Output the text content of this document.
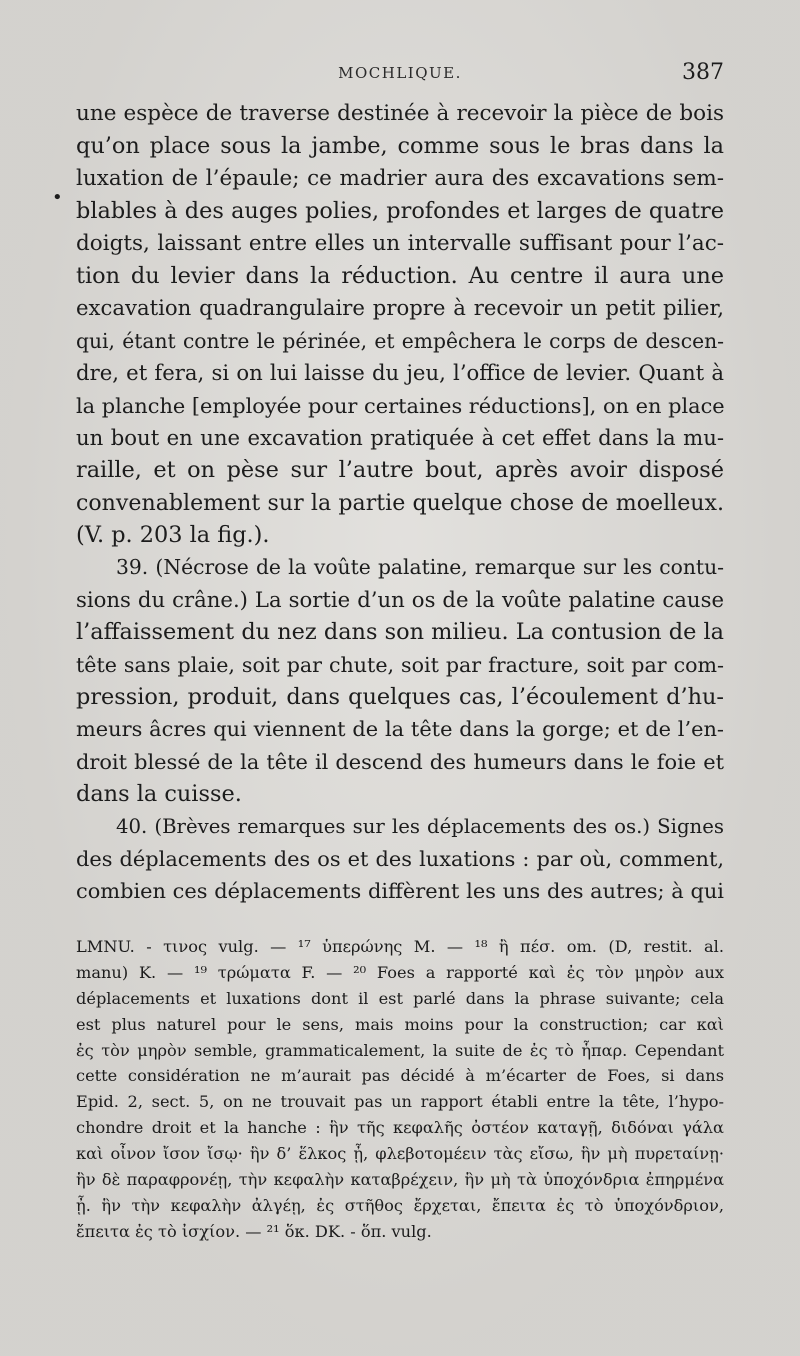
MOCHLIQUE.	387
•
une espèce de traverse destinée à recevoir la pièce de bois
qu’on place sous la jambe, comme sous le bras dans la
luxation de l’épaule; ce madrier aura des excavations sem-
blables à des auges polies, profondes et larges de quatre
doigts, laissant entre elles un intervalle suffisant pour l’ac-
tion du levier dans la réduction. Au centre il aura une
excavation quadrangulaire propre à recevoir un petit pilier,
qui, étant contre le périnée, et empêchera le corps de descen-
dre, et fera, si on lui laisse du jeu, l’office de levier. Quant à
la planche [employée pour certaines réductions], on en place
un bout en une excavation pratiquée à cet effet dans la mu-
raille, et on pèse sur l’autre bout, après avoir disposé
convenablement sur la partie quelque chose de moelleux.
(V. p. 203 la fig.).
39. (Nécrose de la voûte palatine, remarque sur les contu-
sions du crâne.) La sortie d’un os de la voûte palatine cause
l’affaissement du nez dans son milieu. La contusion de la
tête sans plaie, soit par chute, soit par fracture, soit par com-
pression, produit, dans quelques cas, l’écoulement d’hu-
meurs âcres qui viennent de la tête dans la gorge; et de l’en-
droit blessé de la tête il descend des humeurs dans le foie et
dans la cuisse.
40. (Brèves remarques sur les déplacements des os.) Signes
des déplacements des os et des luxations : par où, comment,
combien ces déplacements diffèrent les uns des autres; à qui
LMNU. - τινος vulg. — ¹⁷ ὑπερώνης M. — ¹⁸ ἢ πέσ. om. (D, restit. al.
manu) K. — ¹⁹ τρώματα F. — ²⁰ Foes a rapporté καὶ ἐς τὸν μηρὸν aux
déplacements et luxations dont il est parlé dans la phrase suivante; cela
est plus naturel pour le sens, mais moins pour la construction; car καὶ
ἐς τὸν μηρὸν semble, grammaticalement, la suite de ἐς τὸ ἧπαρ. Cependant
cette considération ne m’aurait pas décidé à m’écarter de Foes, si dans
Epid. 2, sect. 5, on ne trouvait pas un rapport établi entre la tête, l’hypo-
chondre droit et la hanche : ἣν τῆς κεφαλῆς ὀστέον καταγῇ, διδόναι γάλα
καὶ οἶνον ἴσον ἴσῳ· ἣν δ’ ἕλκος ᾖ, φλεβοτομέειν τὰς εἴσω, ἣν μὴ πυρεταίνῃ·
ἣν δὲ παραφρονέῃ, τὴν κεφαλὴν καταβρέχειν, ἣν μὴ τὰ ὑποχόνδρια ἐπηρμένα
ᾖ. ἣν τὴν κεφαλὴν ἀλγέῃ, ἐς στῆθος ἔρχεται, ἔπειτα ἐς τὸ ὑποχόνδριον,
ἔπειτα ἐς τὸ ἰσχίον. — ²¹ ὅκ. DK. - ὅπ. vulg.
